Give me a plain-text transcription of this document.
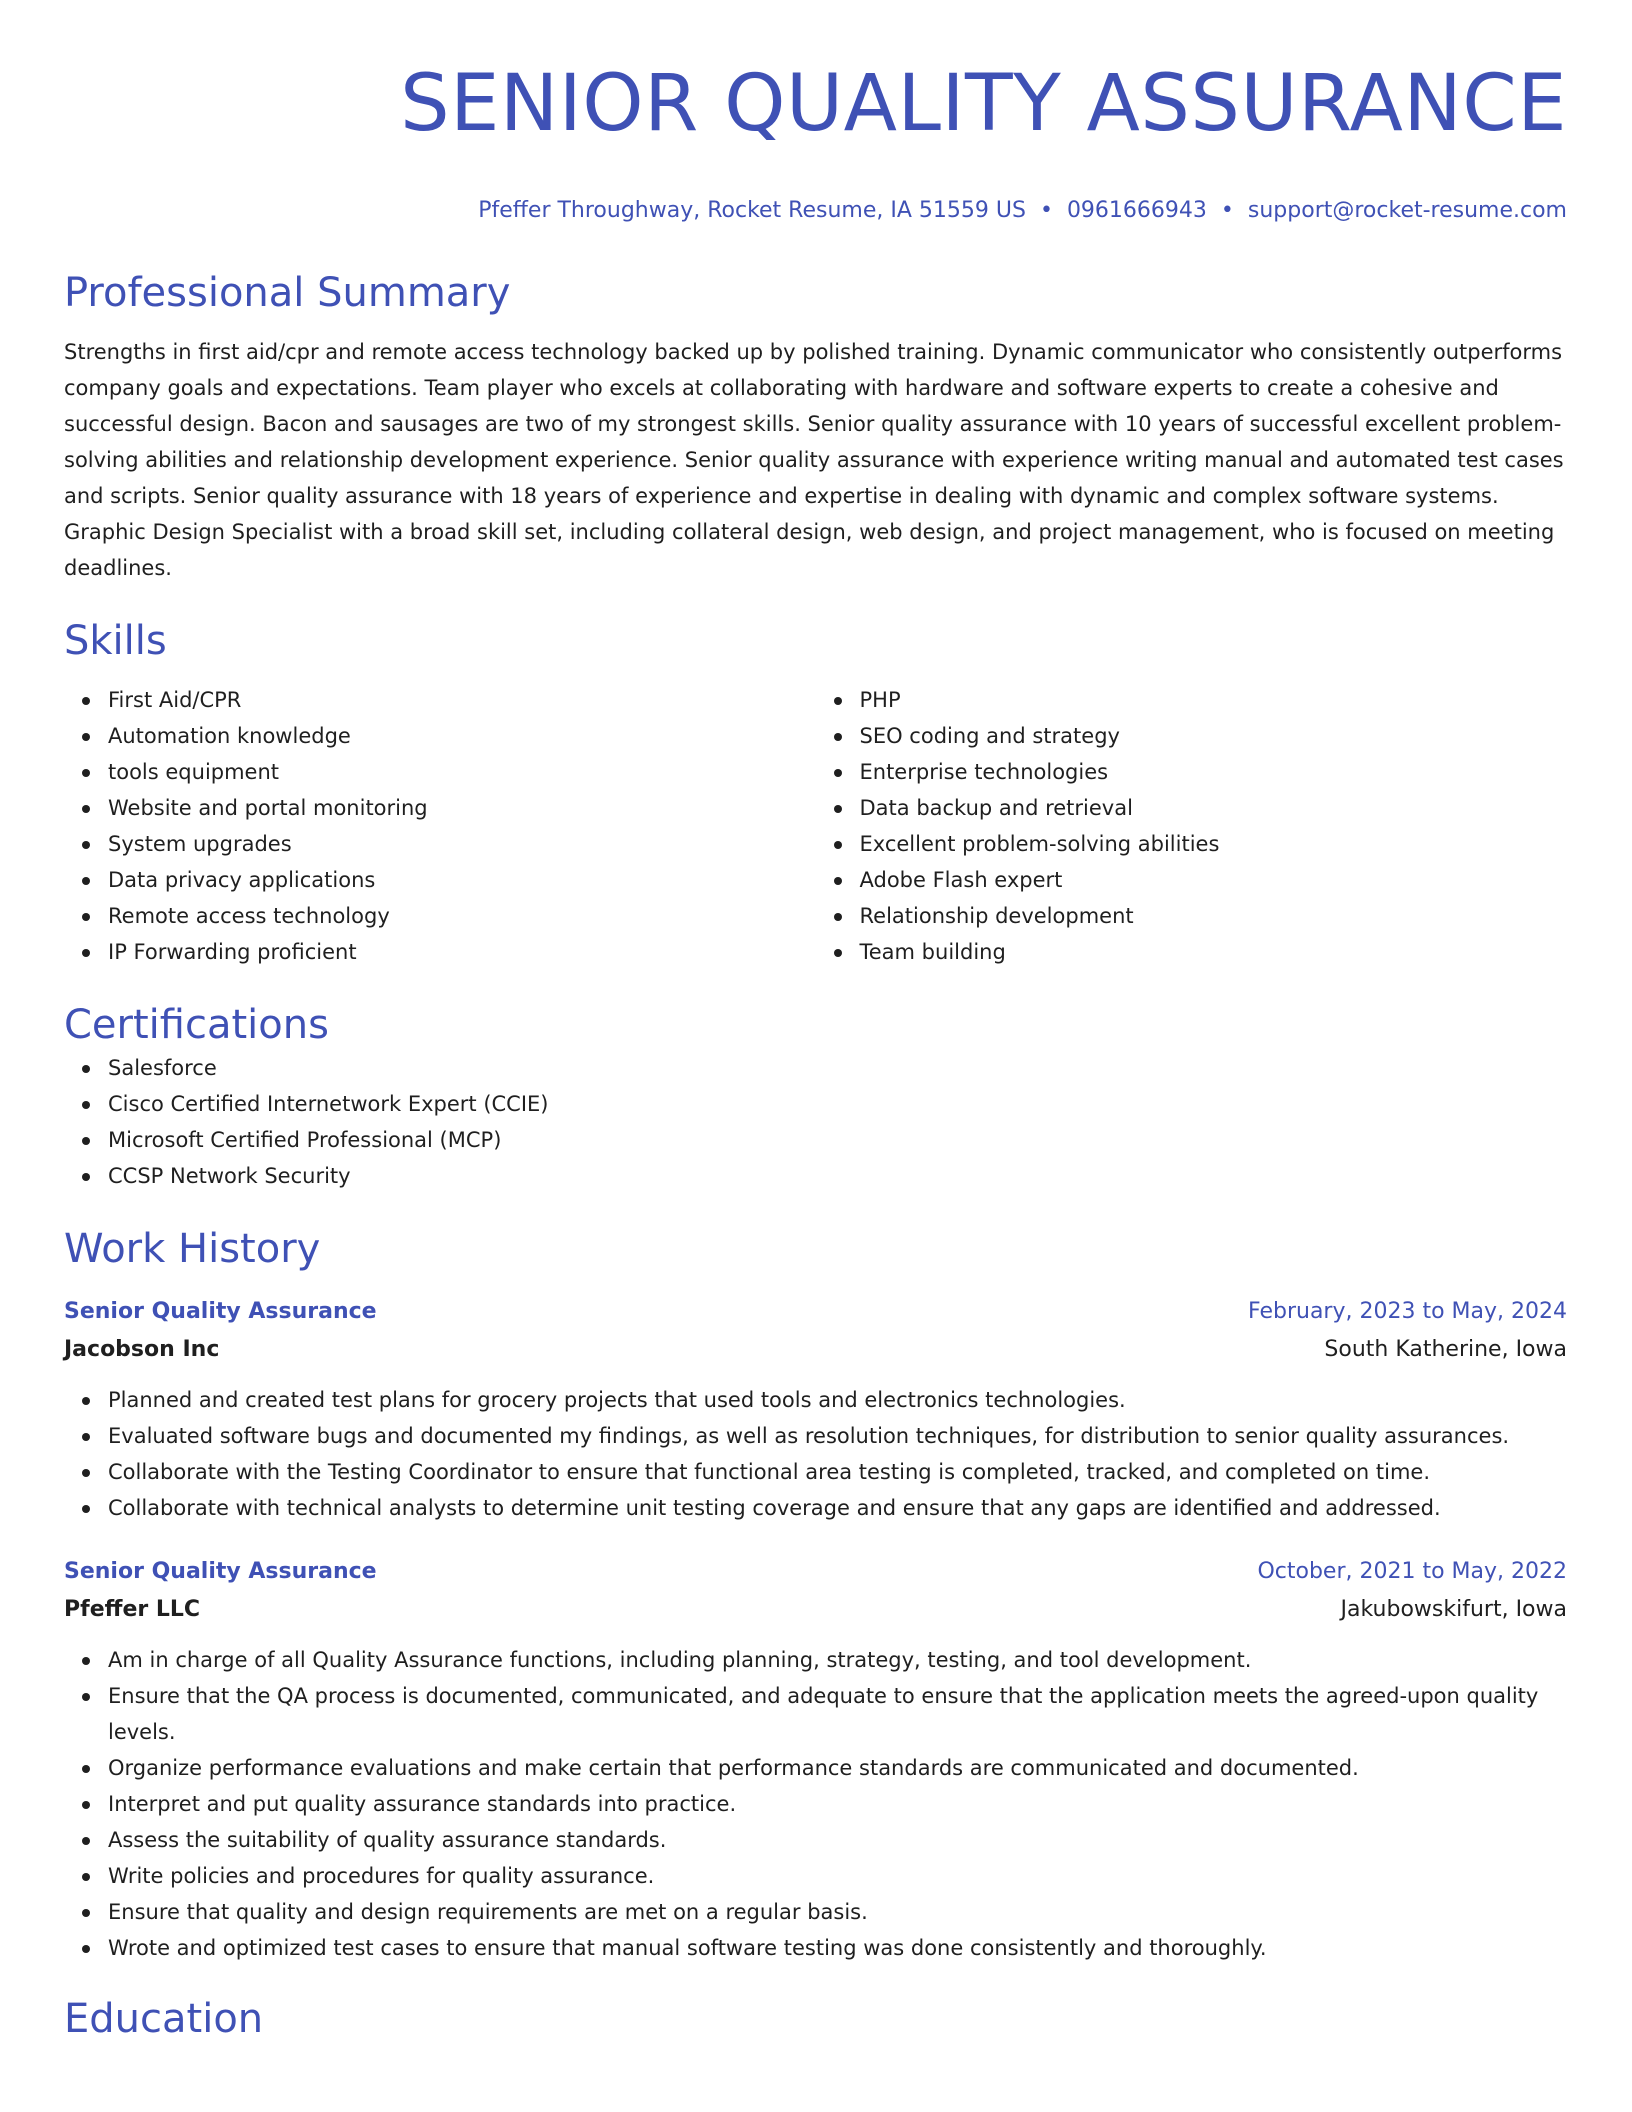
SENIOR QUALITY ASSURANCE
Pfeffer Throughway, Rocket Resume, IA 51559 US • 0961666943 • support@rocket-resume.com
Professional Summary
Strengths in first aid/cpr and remote access technology backed up by polished training. Dynamic communicator who consistently outperforms company goals and expectations. Team player who excels at collaborating with hardware and software experts to create a cohesive and successful design. Bacon and sausages are two of my strongest skills. Senior quality assurance with 10 years of successful excellent problem-solving abilities and relationship development experience. Senior quality assurance with experience writing manual and automated test cases and scripts. Senior quality assurance with 18 years of experience and expertise in dealing with dynamic and complex software systems. Graphic Design Specialist with a broad skill set, including collateral design, web design, and project management, who is focused on meeting deadlines.
Skills
First Aid/CPR
Automation knowledge
tools equipment
Website and portal monitoring
System upgrades
Data privacy applications
Remote access technology
IP Forwarding proficient
PHP
SEO coding and strategy
Enterprise technologies
Data backup and retrieval
Excellent problem-solving abilities
Adobe Flash expert
Relationship development
Team building
Certifications
Salesforce
Cisco Certified Internetwork Expert (CCIE)
Microsoft Certified Professional (MCP)
CCSP Network Security
Work History
Senior Quality Assurance	February, 2023 to May, 2024
Jacobson Inc	South Katherine, Iowa
Planned and created test plans for grocery projects that used tools and electronics technologies.
Evaluated software bugs and documented my findings, as well as resolution techniques, for distribution to senior quality assurances.
Collaborate with the Testing Coordinator to ensure that functional area testing is completed, tracked, and completed on time.
Collaborate with technical analysts to determine unit testing coverage and ensure that any gaps are identified and addressed.
Senior Quality Assurance	October, 2021 to May, 2022
Pfeffer LLC	Jakubowskifurt, Iowa
Am in charge of all Quality Assurance functions, including planning, strategy, testing, and tool development.
Ensure that the QA process is documented, communicated, and adequate to ensure that the application meets the agreed-upon quality levels.
Organize performance evaluations and make certain that performance standards are communicated and documented.
Interpret and put quality assurance standards into practice.
Assess the suitability of quality assurance standards.
Write policies and procedures for quality assurance.
Ensure that quality and design requirements are met on a regular basis.
Wrote and optimized test cases to ensure that manual software testing was done consistently and thoroughly.
Education
